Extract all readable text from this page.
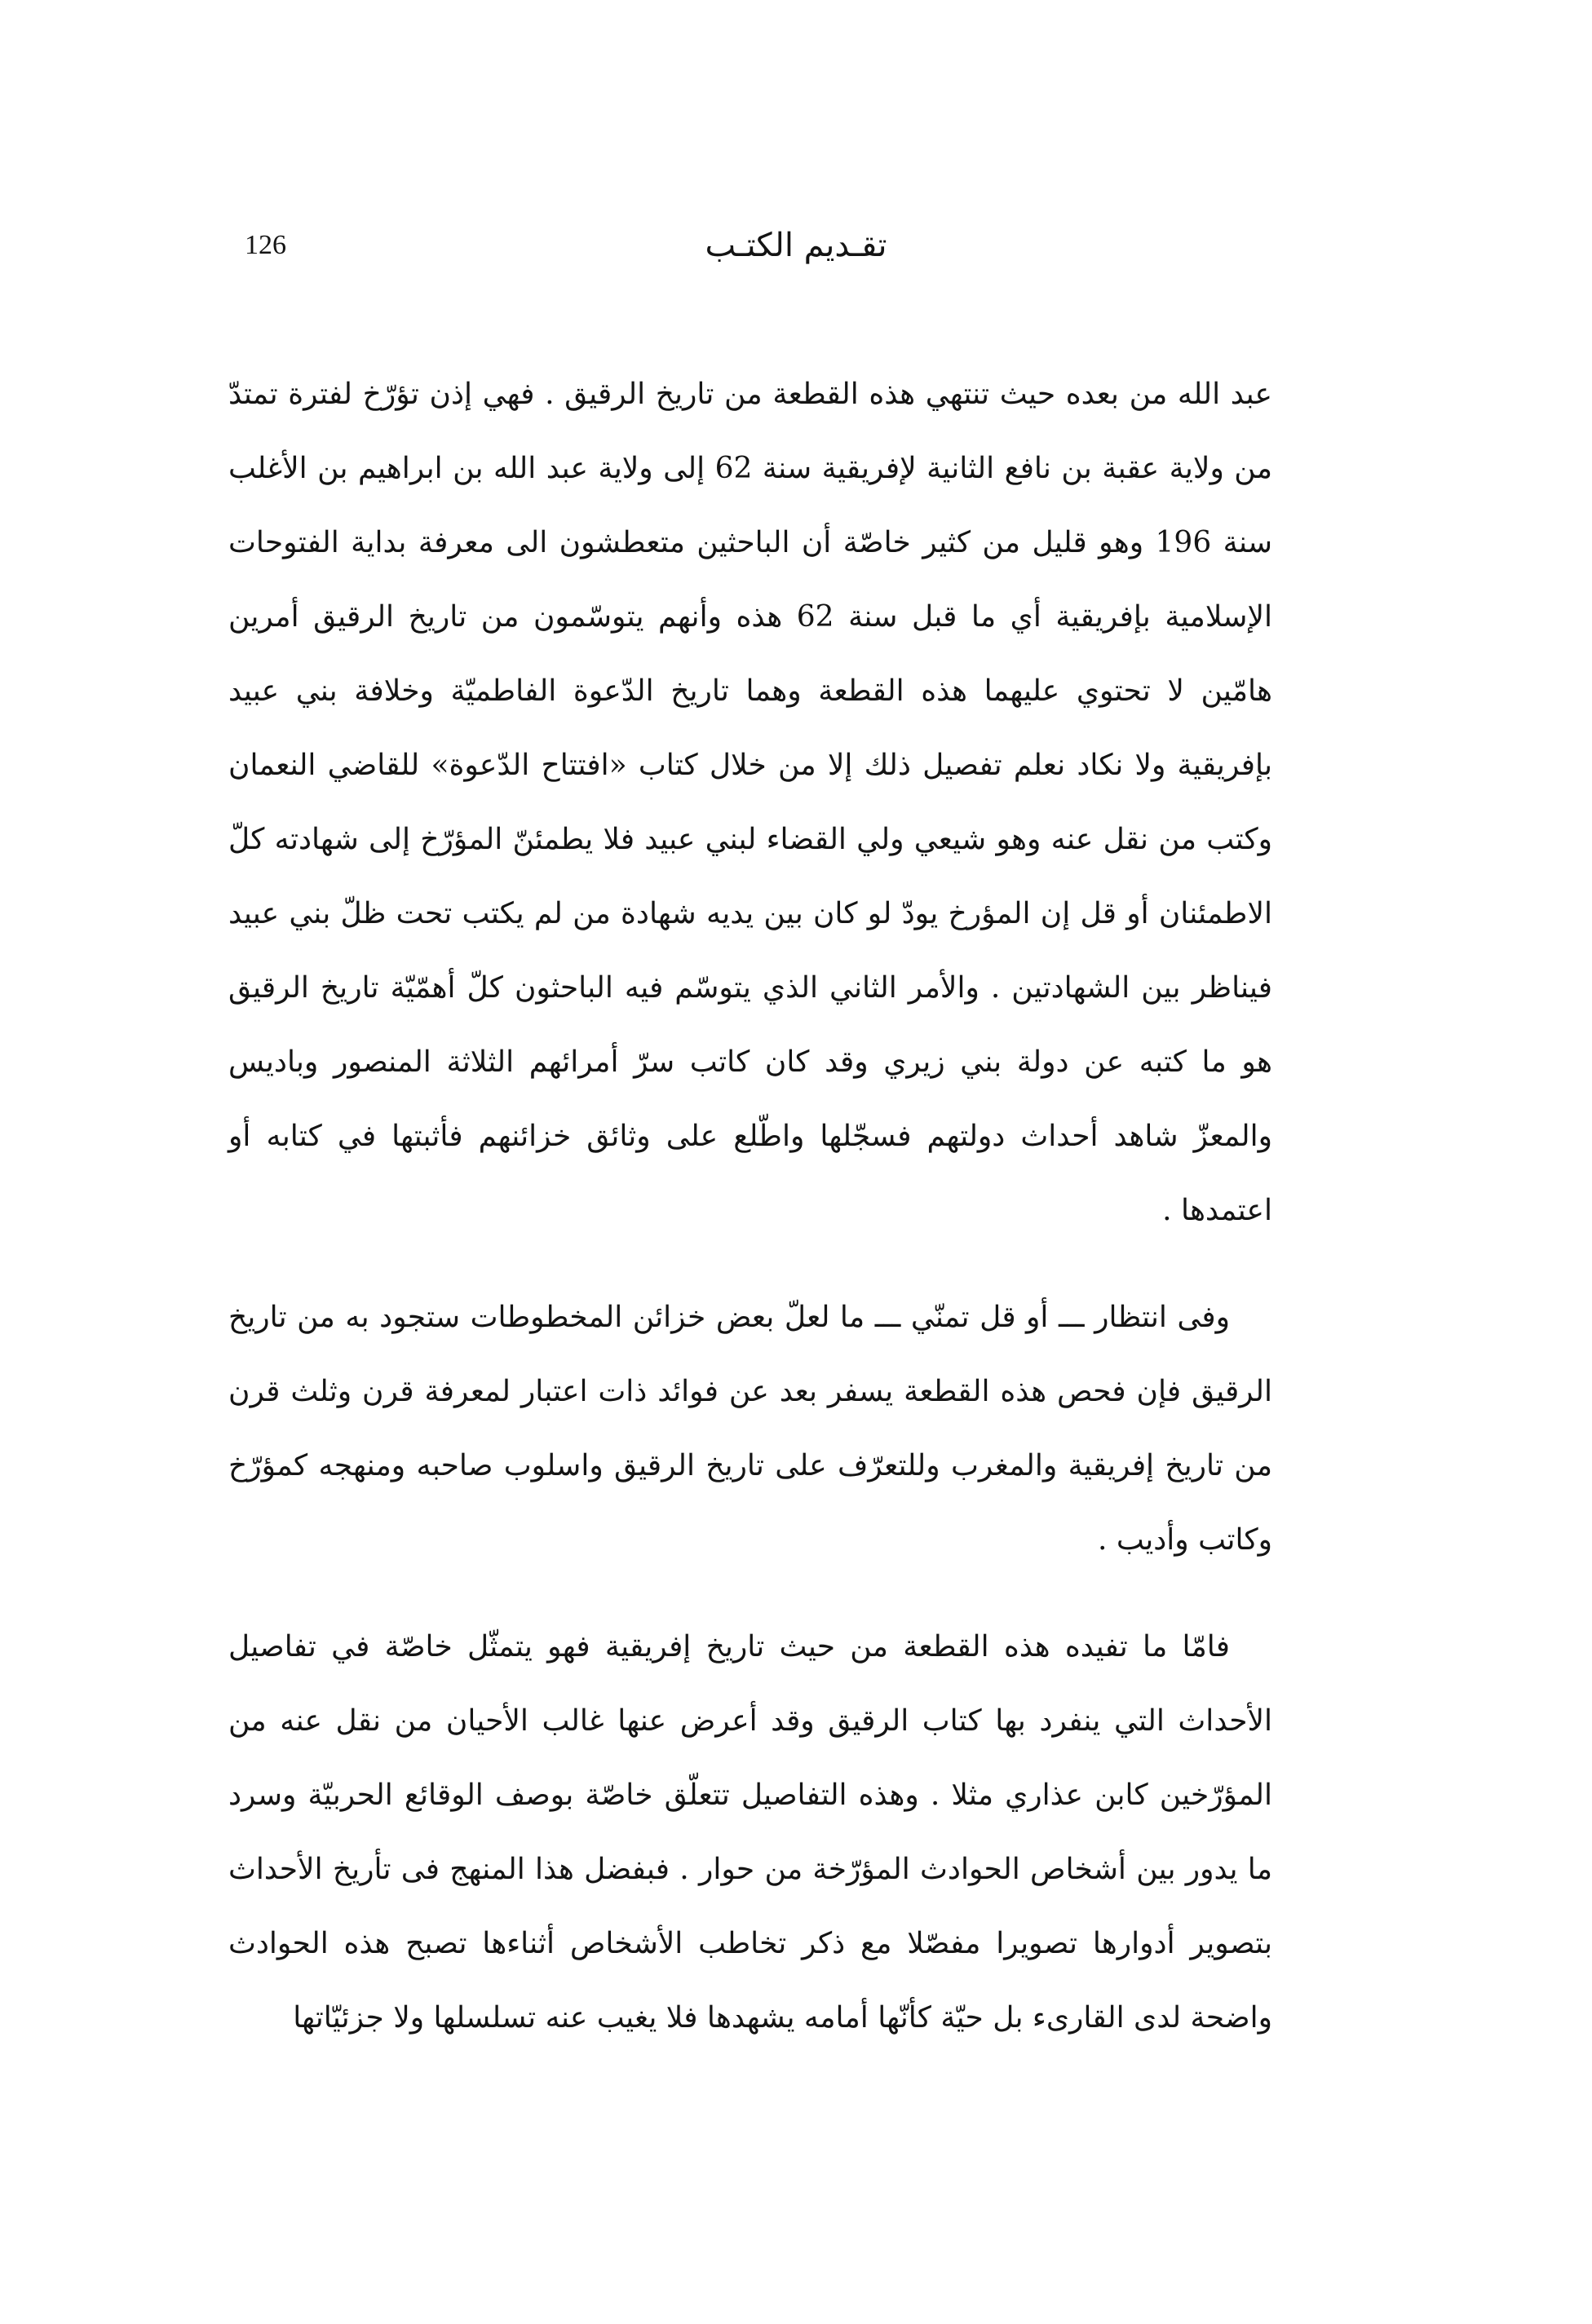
126	تقـديم الكتـب

عبد الله من بعده حيث تنتهي هذه القطعة من تاريخ الرقيق . فهي إذن تؤرّخ لفترة تمتدّ من ولاية عقبة بن نافع الثانية لإفريقية سنة 62 إلى ولاية عبد الله بن ابراهيم بن الأغلب سنة 196 وهو قليل من كثير خاصّة أن الباحثين متعطشون الى معرفة بداية الفتوحات الإسلامية بإفريقية أي ما قبل سنة 62 هذه وأنهم يتوسّمون من تاريخ الرقيق أمرين هامّين لا تحتوي عليهما هذه القطعة وهما تاريخ الدّعوة الفاطميّة وخلافة بني عبيد بإفريقية ولا نكاد نعلم تفصيل ذلك إلا من خلال كتاب «افتتاح الدّعوة» للقاضي النعمان وكتب من نقل عنه وهو شيعي ولي القضاء لبني عبيد فلا يطمئنّ المؤرّخ إلى شهادته كلّ الاطمئنان أو قل إن المؤرخ يودّ لو كان بين يديه شهادة من لم يكتب تحت ظلّ بني عبيد فيناظر بين الشهادتين . والأمر الثاني الذي يتوسّم فيه الباحثون كلّ أهمّيّة تاريخ الرقيق هو ما كتبه عن دولة بني زيري وقد كان كاتب سرّ أمرائهم الثلاثة المنصور وباديس والمعزّ شاهد أحداث دولتهم فسجّلها واطّلع على وثائق خزائنهم فأثبتها في كتابه أو اعتمدها .

وفى انتظار ـــ أو قل تمنّي ـــ ما لعلّ بعض خزائن المخطوطات ستجود به من تاريخ الرقيق فإن فحص هذه القطعة يسفر بعد عن فوائد ذات اعتبار لمعرفة قرن وثلث قرن من تاريخ إفريقية والمغرب وللتعرّف على تاريخ الرقيق واسلوب صاحبه ومنهجه كمؤرّخ وكاتب وأديب .

فامّا ما تفيده هذه القطعة من حيث تاريخ إفريقية فهو يتمثّل خاصّة في تفاصيل الأحداث التي ينفرد بها كتاب الرقيق وقد أعرض عنها غالب الأحيان من نقل عنه من المؤرّخين كابن عذاري مثلا . وهذه التفاصيل تتعلّق خاصّة بوصف الوقائع الحربيّة وسرد ما يدور بين أشخاص الحوادث المؤرّخة من حوار . فبفضل هذا المنهج فى تأريخ الأحداث بتصوير أدوارها تصويرا مفصّلا مع ذكر تخاطب الأشخاص أثناءها تصبح هذه الحوادث واضحة لدى القارىء بل حيّة كأنّها أمامه يشهدها فلا يغيب عنه تسلسلها ولا جزئيّاتها
